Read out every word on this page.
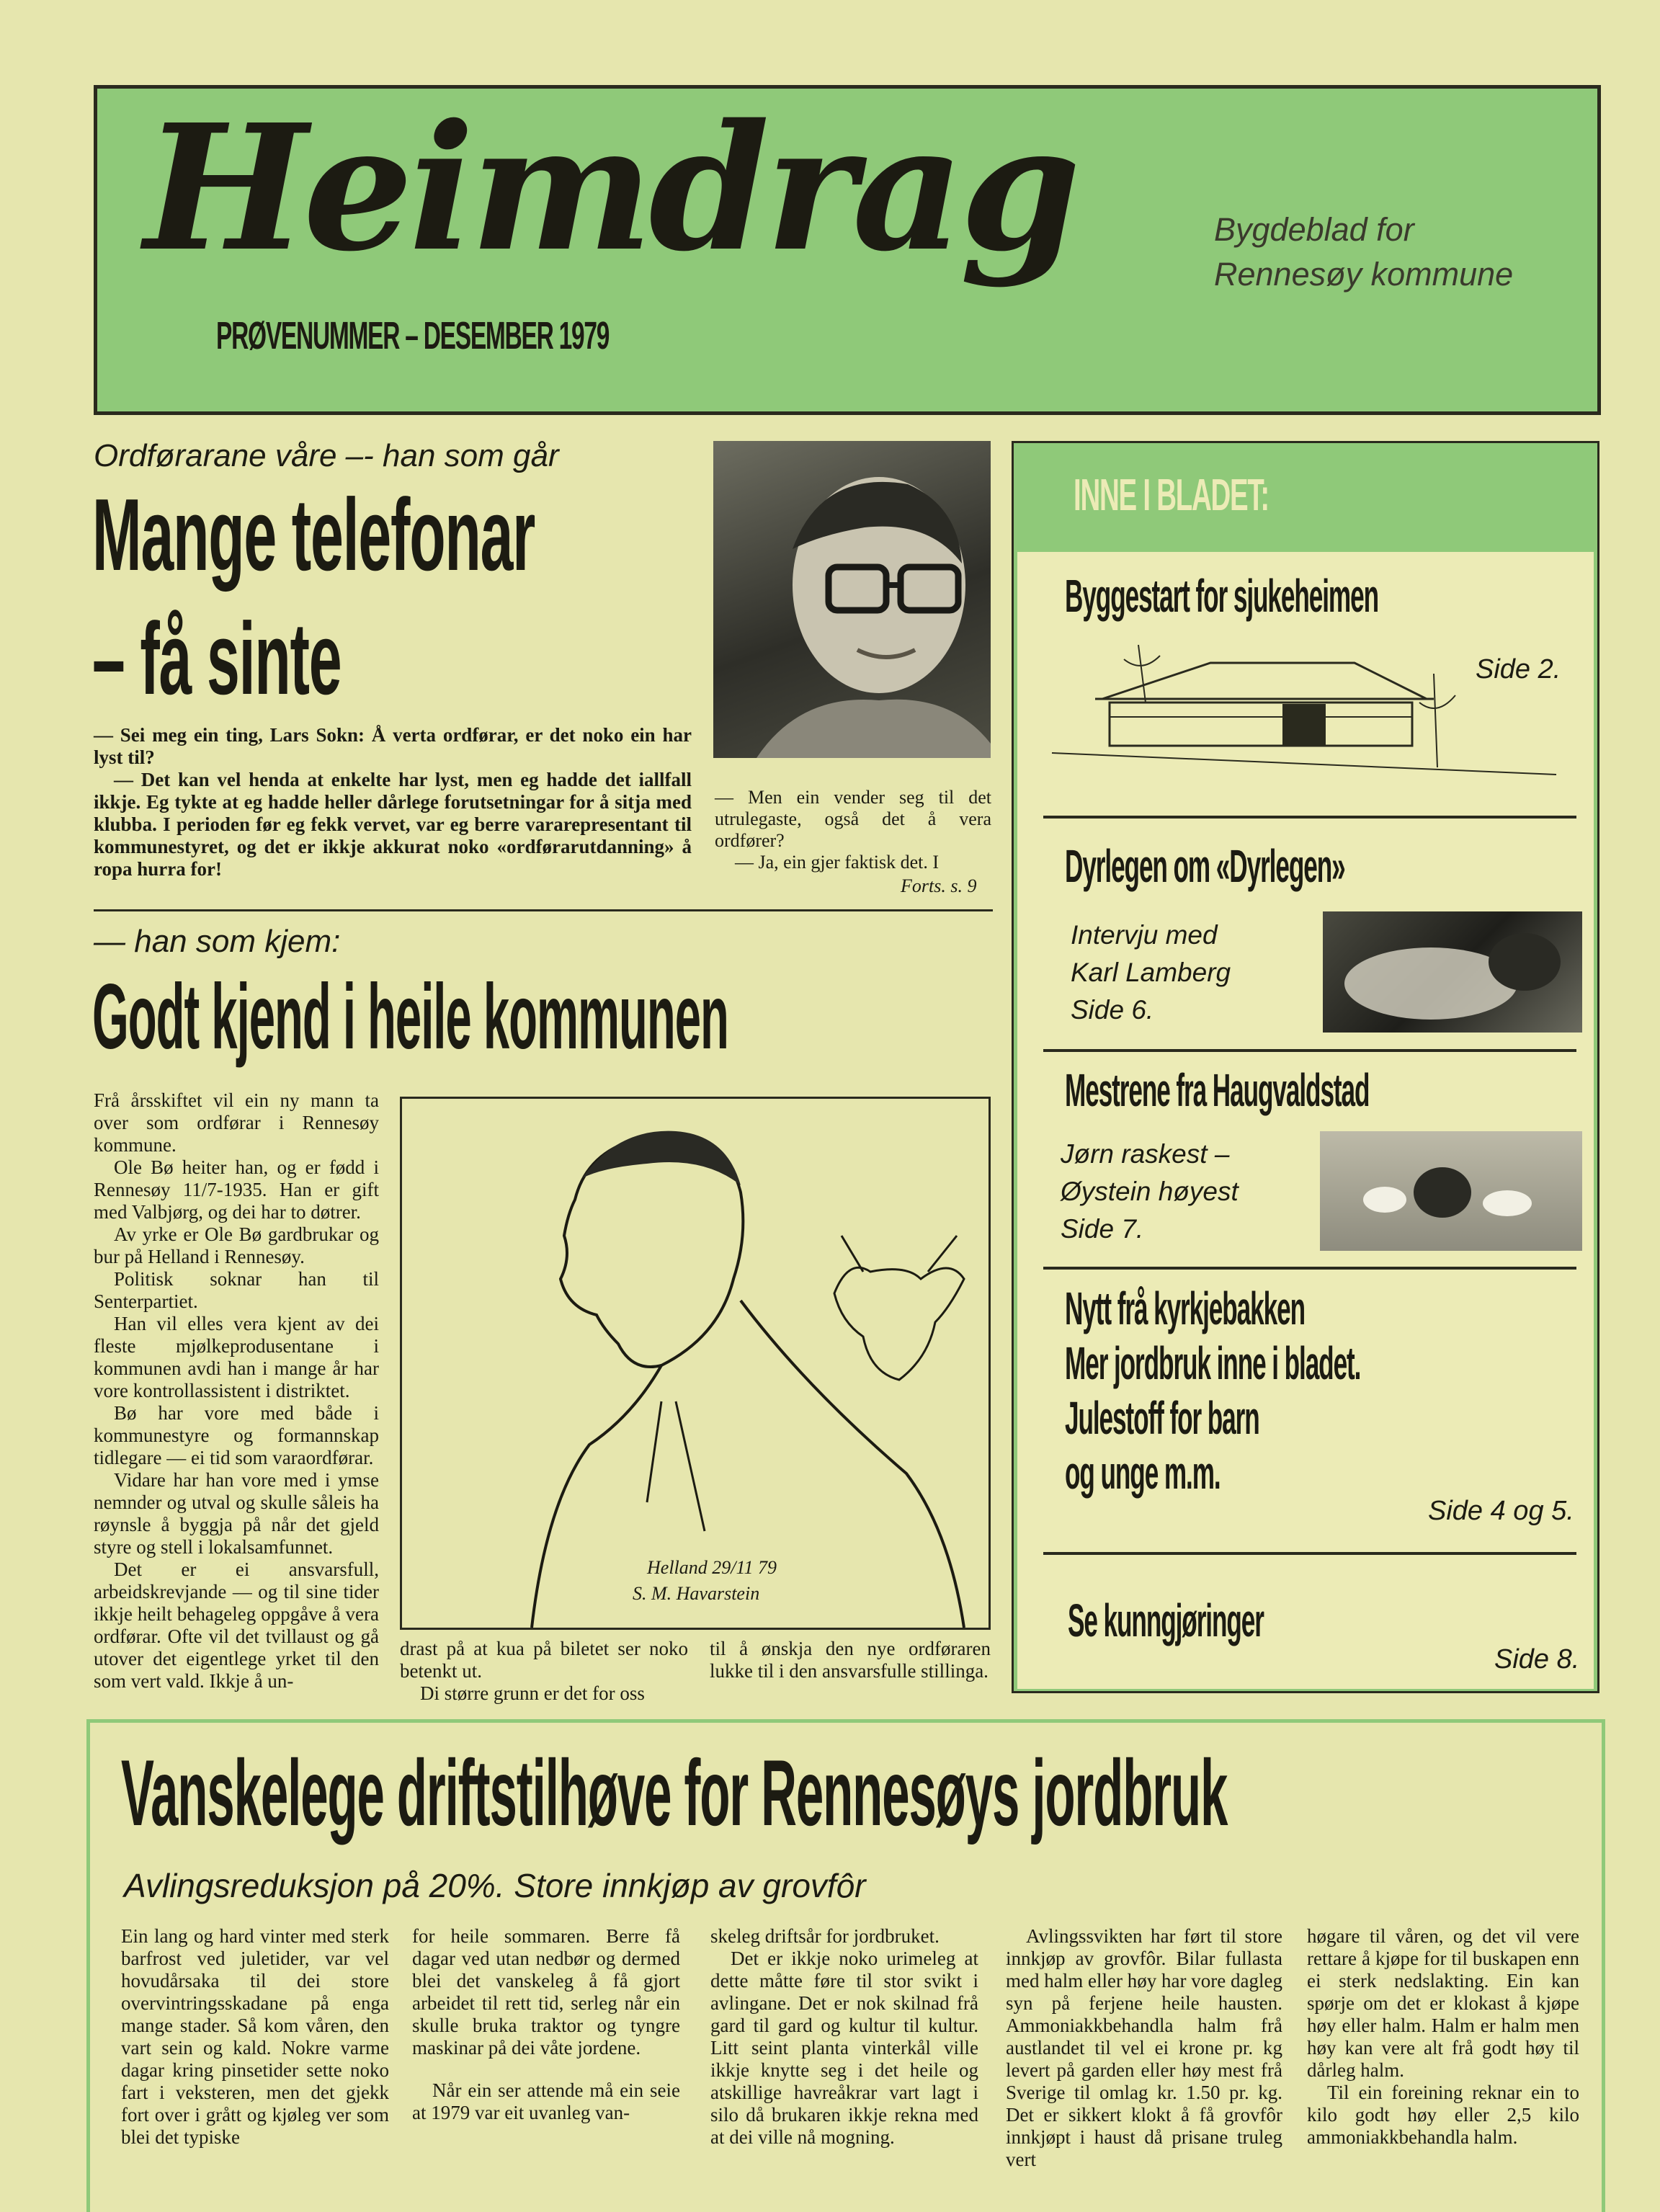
Heimdrag
PRØVENUMMER – DESEMBER 1979
Bygdeblad for
Rennesøy kommune
Ordførarane våre –- han som går
Mange telefonar
– få sinte

— Sei meg ein ting, Lars Sokn: Å verta ordførar, er det noko ein har lyst til?

— Det kan vel henda at enkelte har lyst, men eg hadde det iallfall ikkje. Eg tykte at eg hadde heller dårlege forutsetningar for å sitja med klubba. I perioden før eg fekk vervet, var eg berre vararepresentant til kommunestyret, og det er ikkje akkurat noko «ordførarutdanning» å ropa hurra for!

— Men ein vender seg til det utrulegaste, også det å vera ordfører?

— Ja, ein gjer faktisk det. I

Forts. s. 9
— han som kjem:
Godt kjend i heile kommunen

Frå årsskiftet vil ein ny mann ta over som ordførar i Rennesøy kommune.

Ole Bø heiter han, og er fødd i Rennesøy 11/7-1935. Han er gift med Valbjørg, og dei har to døtrer.

Av yrke er Ole Bø gardbrukar og bur på Helland i Rennesøy.

Politisk soknar han til Senterpartiet.

Han vil elles vera kjent av dei fleste mjølkeprodusentane i kommunen avdi han i mange år har vore kontrollassistent i distriktet.

Bø har vore med både i kommunestyre og formannskap tidlegare — ei tid som varaordførar.

Vidare har han vore med i ymse nemnder og utval og skulle såleis ha røynsle å byggja på når det gjeld styre og stell i lokalsamfunnet.

Det er ei ansvarsfull, arbeidskrevjande — og til sine tider ikkje heilt behageleg oppgåve å vera ordførar. Ofte vil det tvillaust og gå utover det eigentlege yrket til den som vert vald. Ikkje å un-

Helland 29/11 79
S. M. Havarstein

drast på at kua på biletet ser noko betenkt ut.

Di større grunn er det for oss

til å ønskja den nye ordføraren lukke til i den ansvarsfulle stillinga.

INNE I BLADET:
Byggestart for sjukeheimen
Side 2.
Dyrlegen om «Dyrlegen»
Intervju med
Karl Lamberg
Side 6.
Mestrene fra Haugvaldstad
Jørn raskest –
Øystein høyest
Side 7.
Nytt frå kyrkjebakken
Mer jordbruk inne i bladet.
Julestoff for barn
og unge m.m.
Side 4 og 5.
Se kunngjøringer
Side 8.
Vanskelege driftstilhøve for Rennesøys jordbruk
Avlingsreduksjon på 20%. Store innkjøp av grovfôr

Ein lang og hard vinter med sterk barfrost ved juletider, var vel hovudårsaka til dei store overvintringsskadane på enga mange stader. Så kom våren, den vart sein og kald. Nokre varme dagar kring pinsetider sette noko fart i veksteren, men det gjekk fort over i grått og kjøleg ver som blei det typiske

for heile sommaren. Berre få dagar ved utan nedbør og dermed blei det vanskeleg å få gjort arbeidet til rett tid, serleg når ein skulle bruka traktor og tyngre maskinar på dei våte jordene.

Når ein ser attende må ein seie at 1979 var eit uvanleg van-

skeleg driftsår for jordbruket.

Det er ikkje noko urimeleg at dette måtte føre til stor svikt i avlingane. Det er nok skilnad frå gard til gard og kultur til kultur. Litt seint planta vinterkål ville ikkje knytte seg i det heile og atskillige havreåkrar vart lagt i silo då brukaren ikkje rekna med at dei ville nå mogning.

Avlingssvikten har ført til store innkjøp av grovfôr. Bilar fullasta med halm eller høy har vore dagleg syn på ferjene heile hausten. Ammoniakkbehandla halm frå austlandet til vel ei krone pr. kg levert på garden eller høy mest frå Sverige til omlag kr. 1.50 pr. kg. Det er sikkert klokt å få grovfôr innkjøpt i haust då prisane truleg vert

høgare til våren, og det vil vere rettare å kjøpe for til buskapen enn ei sterk nedslakting. Ein kan spørje om det er klokast å kjøpe høy eller halm. Halm er halm men høy kan vere alt frå godt høy til dårleg halm.

Til ein foreining reknar ein to kilo godt høy eller 2,5 kilo ammoniakkbehandla halm.
